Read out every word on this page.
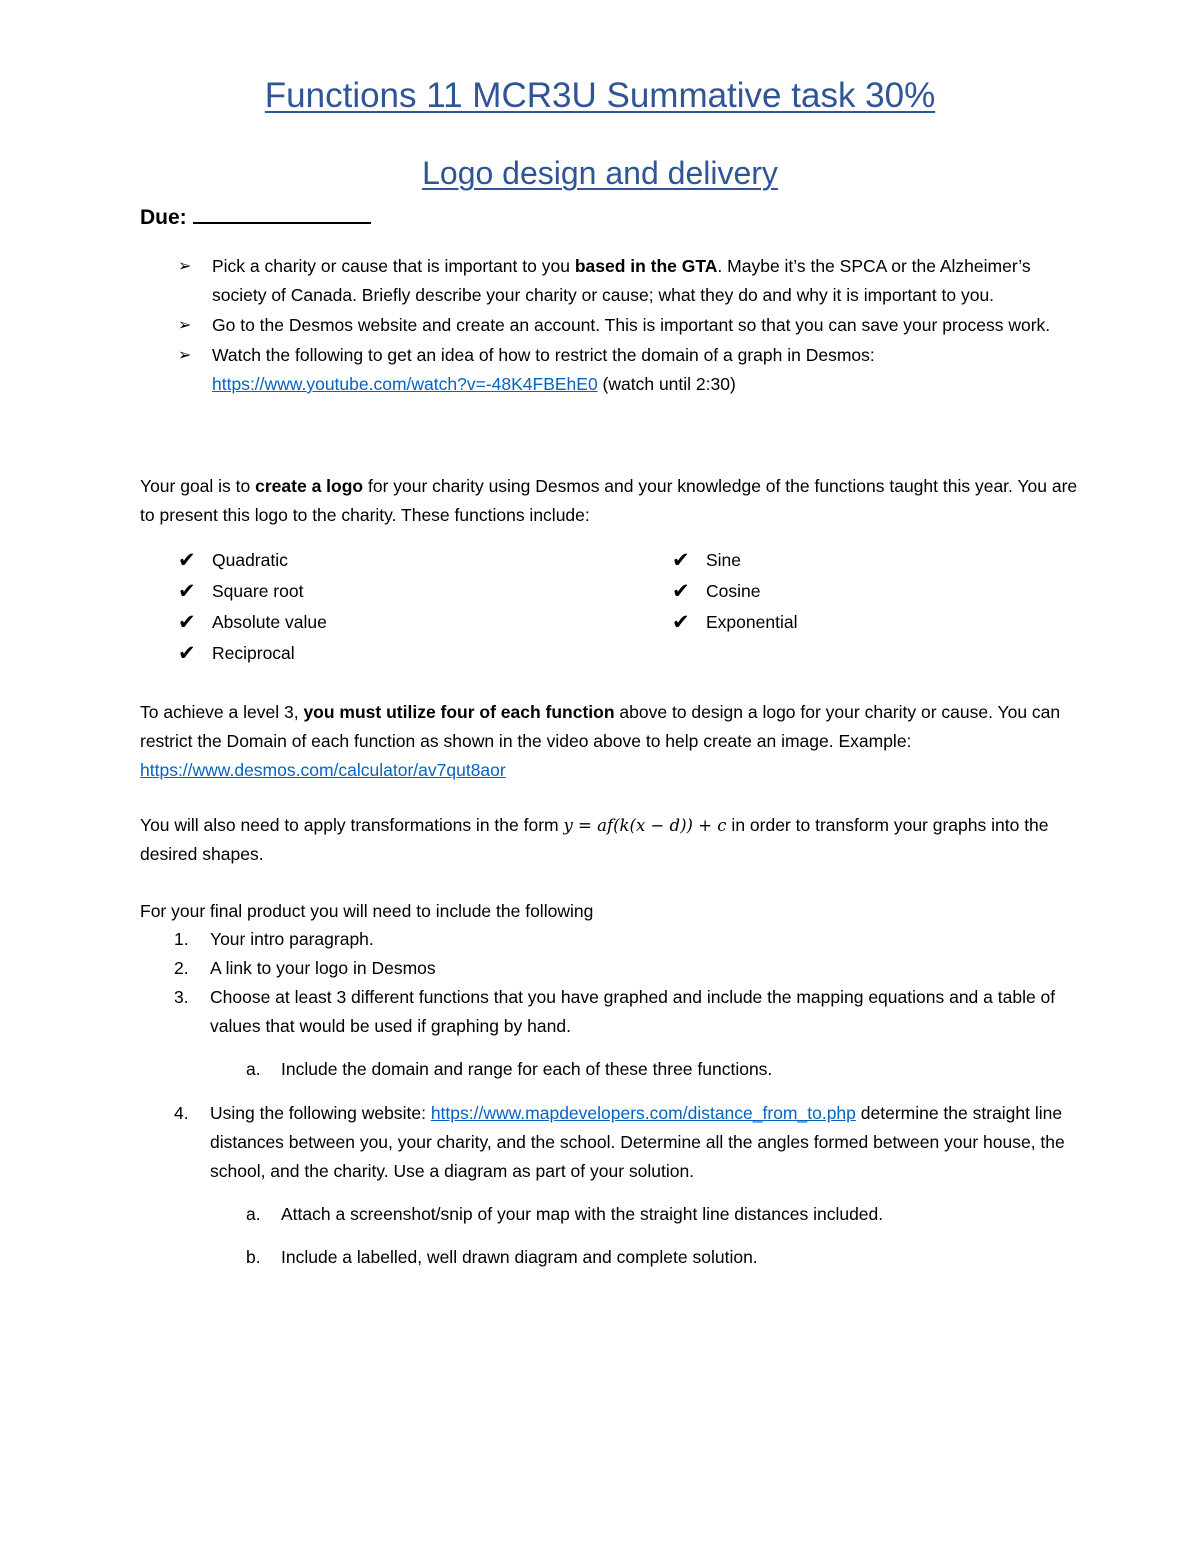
Functions 11 MCR3U Summative task 30%
Logo design and delivery
Due:
➢ Pick a charity or cause that is important to you based in the GTA. Maybe it’s the SPCA or the Alzheimer’s society of Canada. Briefly describe your charity or cause; what they do and why it is important to you.
➢ Go to the Desmos website and create an account. This is important so that you can save your process work.
➢ Watch the following to get an idea of how to restrict the domain of a graph in Desmos:
https://www.youtube.com/watch?v=-48K4FBEhE0 (watch until 2:30)
Your goal is to create a logo for your charity using Desmos and your knowledge of the functions taught this year. You are to present this logo to the charity. These functions include:
✔ Quadratic
✔ Square root
✔ Absolute value
✔ Reciprocal
✔ Sine
✔ Cosine
✔ Exponential
To achieve a level 3, you must utilize four of each function above to design a logo for your charity or cause. You can restrict the Domain of each function as shown in the video above to help create an image. Example:
https://www.desmos.com/calculator/av7qut8aor
You will also need to apply transformations in the form y = af(k(x − d)) + c in order to transform your graphs into the desired shapes.
For your final product you will need to include the following
1. Your intro paragraph.
2. A link to your logo in Desmos
3. Choose at least 3 different functions that you have graphed and include the mapping equations and a table of values that would be used if graphing by hand.
a. Include the domain and range for each of these three functions.
4. Using the following website: https://www.mapdevelopers.com/distance_from_to.php determine the straight line distances between you, your charity, and the school. Determine all the angles formed between your house, the school, and the charity. Use a diagram as part of your solution.
a. Attach a screenshot/snip of your map with the straight line distances included.
b. Include a labelled, well drawn diagram and complete solution.
